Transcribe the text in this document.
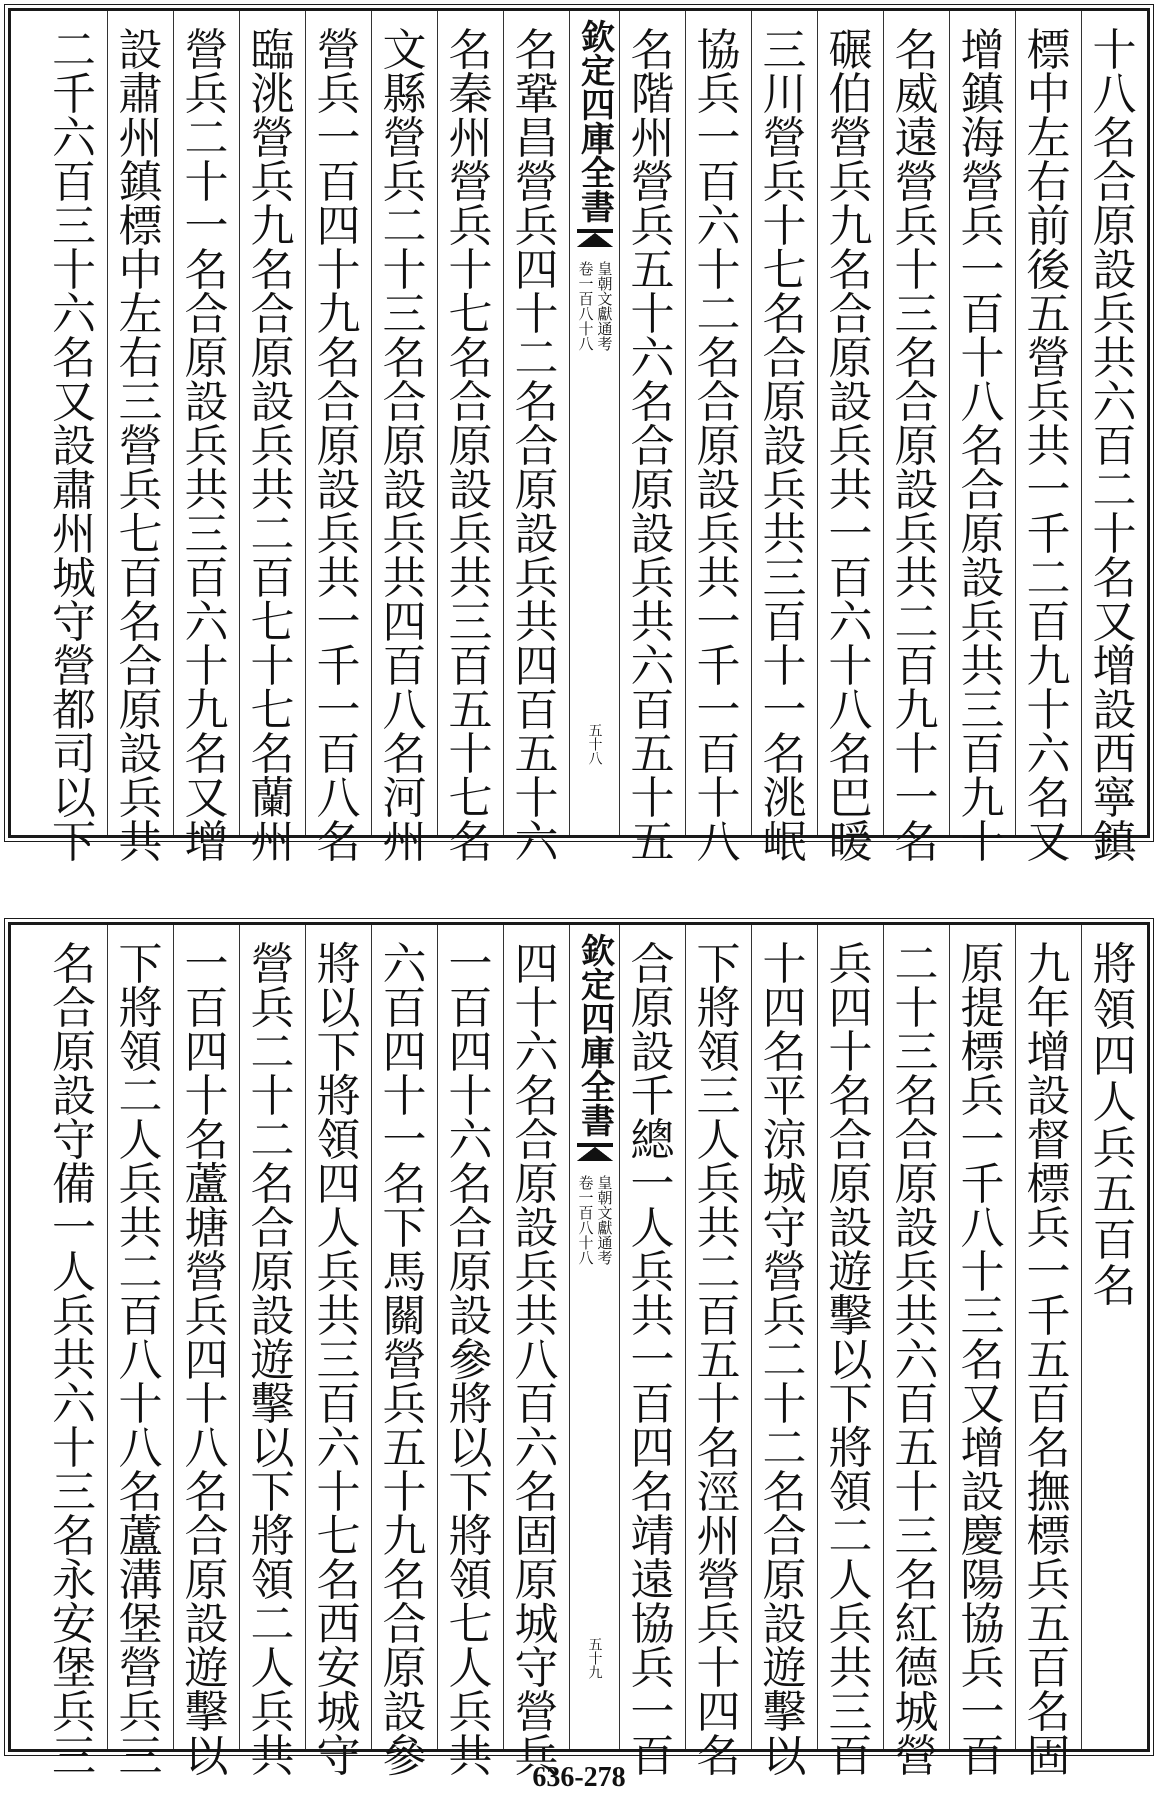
十
八
名
合
原
設
兵
共
六
百
二
十
名
又
增
設
西
寧
鎮
標
中
左
右
前
後
五
營
兵
共
一
千
二
百
九
十
六
名
又
增
鎮
海
營
兵
一
百
十
八
名
合
原
設
兵
共
三
百
九
十
名
威
遠
營
兵
十
三
名
合
原
設
兵
共
二
百
九
十
一
名
碾
伯
營
兵
九
名
合
原
設
兵
共
一
百
六
十
八
名
巴
暖
三
川
營
兵
十
七
名
合
原
設
兵
共
三
百
十
一
名
洮
岷
協
兵
一
百
六
十
二
名
合
原
設
兵
共
一
千
一
百
十
八
名
階
州
營
兵
五
十
六
名
合
原
設
兵
共
六
百
五
十
五
欽定四庫全書
皇朝文獻通考
卷一百八十八
五十八
名
鞏
昌
營
兵
四
十
二
名
合
原
設
兵
共
四
百
五
十
六
名
秦
州
營
兵
十
七
名
合
原
設
兵
共
三
百
五
十
七
名
文
縣
營
兵
二
十
三
名
合
原
設
兵
共
四
百
八
名
河
州
營
兵
一
百
四
十
九
名
合
原
設
兵
共
一
千
一
百
八
名
臨
洮
營
兵
九
名
合
原
設
兵
共
二
百
七
十
七
名
蘭
州
營
兵
二
十
一
名
合
原
設
兵
共
三
百
六
十
九
名
又
增
設
肅
州
鎮
標
中
左
右
三
營
兵
七
百
名
合
原
設
兵
共
二
千
六
百
三
十
六
名
又
設
肅
州
城
守
營
都
司
以
下
將
領
四
人
兵
五
百
名
九
年
增
設
督
標
兵
一
千
五
百
名
撫
標
兵
五
百
名
固
原
提
標
兵
一
千
八
十
三
名
又
增
設
慶
陽
協
兵
一
百
二
十
三
名
合
原
設
兵
共
六
百
五
十
三
名
紅
德
城
營
兵
四
十
名
合
原
設
遊
擊
以
下
將
領
二
人
兵
共
三
百
十
四
名
平
涼
城
守
營
兵
二
十
二
名
合
原
設
遊
擊
以
下
將
領
三
人
兵
共
二
百
五
十
名
涇
州
營
兵
十
四
名
合
原
設
千
總
一
人
兵
共
一
百
四
名
靖
遠
協
兵
一
百
欽定四庫全書
皇朝文獻通考
卷一百八十八
五十九
四
十
六
名
合
原
設
兵
共
八
百
六
名
固
原
城
守
營
兵
一
百
四
十
六
名
合
原
設
參
將
以
下
將
領
七
人
兵
共
六
百
四
十
一
名
下
馬
關
營
兵
五
十
九
名
合
原
設
參
將
以
下
將
領
四
人
兵
共
三
百
六
十
七
名
西
安
城
守
營
兵
二
十
二
名
合
原
設
遊
擊
以
下
將
領
二
人
兵
共
一
百
四
十
名
蘆
塘
營
兵
四
十
八
名
合
原
設
遊
擊
以
下
將
領
二
人
兵
共
二
百
八
十
八
名
蘆
溝
堡
營
兵
三
名
合
原
設
守
備
一
人
兵
共
六
十
三
名
永
安
堡
兵
三	636-278
